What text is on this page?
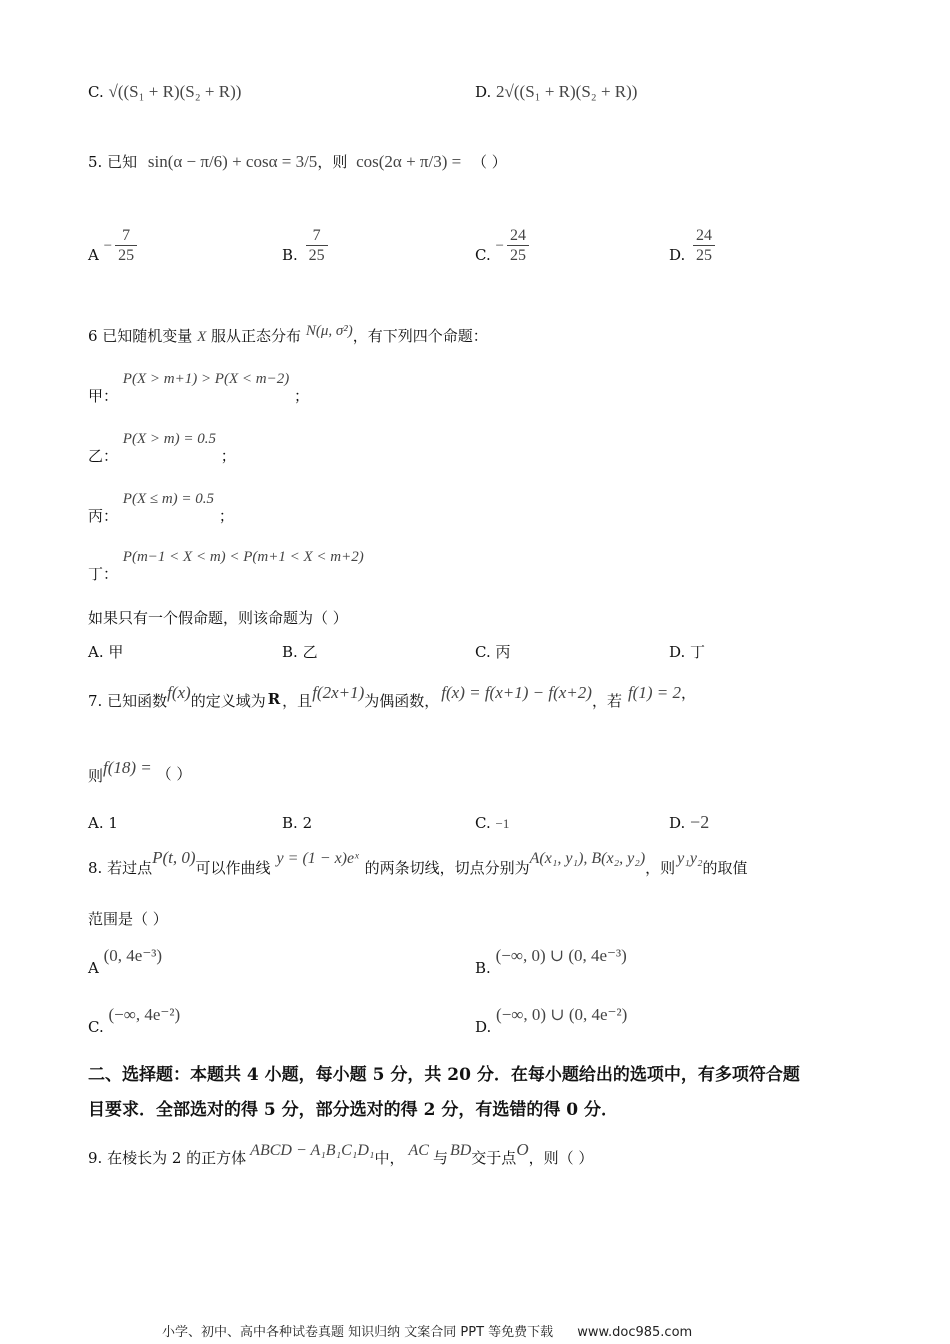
C. √((S₁ + R)(S₂ + R))	D. 2√((S₁ + R)(S₂ + R))
5. 已知 sin(α − π/6) + cosα = 3/5，则 cos(2α + π/3) = （ ）
$A - \frac{7}{25}$	B. $\frac{7}{25}$	C. − $\frac{24}{25}$	D. $\frac{24}{25}$
6 已知随机变量 X 服从正态分布 N(μ, σ²)，有下列四个命题：
甲： P(X > m+1) > P(X < m−2) ；
乙： P(X > m) = 0.5 ；
丙： P(X ≤ m) = 0.5 ；
丁： P(m−1 < X < m) < P(m+1 < X < m+2)
如果只有一个假命题，则该命题为（ ）
A. 甲	B. 乙	C. 丙	D. 丁
7. 已知函数f(x)的定义域为 R ，且f(2x+1)为偶函数， f(x) = f(x+1) − f(x+2)，若 f(1) = 2，
则f(18) = （ ）
A. 1	B. 2	C. −1	D. −2
8. 若过点P(t, 0)可以作曲线y = (1 − x)eˣ的两条切线，切点分别为A(x₁, y₁), B(x₂, y₂)，则y₁y₂的取值
范围是（ ）
A (0, 4e⁻³)
B. (−∞, 0) ∪ (0, 4e⁻³)
C. (−∞, 4e⁻²)
D. (−∞, 0) ∪ (0, 4e⁻²)
二、选择题：本题共 4 小题，每小题 5 分，共 20 分．在每小题给出的选项中，有多项符合题
目要求．全部选对的得 5 分，部分选对的得 2 分，有选错的得 0 分．
9. 在棱长为 2 的正方体 ABCD − A₁B₁C₁D₁中， AC 与 BD交于点O，则（ ）
小学、初中、高中各种试卷真题 知识归纳 文案合同 PPT 等免费下载 www.doc985.com
